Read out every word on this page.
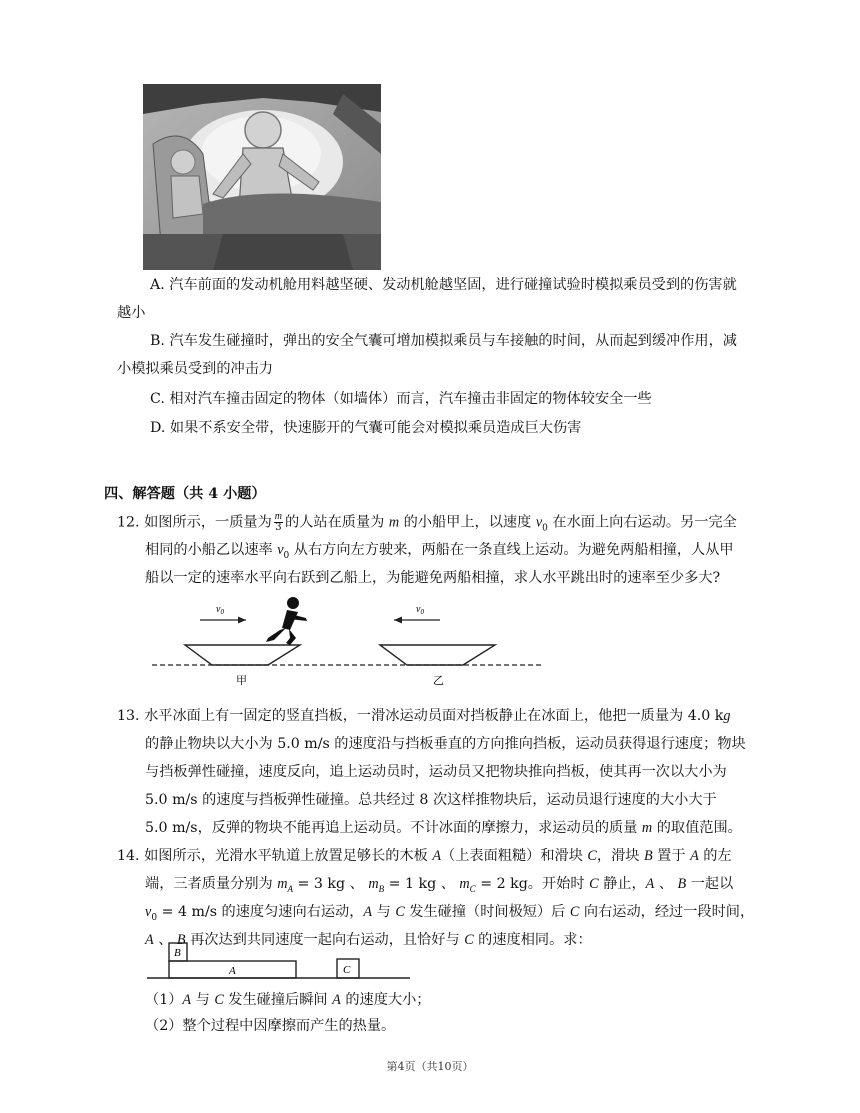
A. 汽车前面的发动机舱用料越坚硬、发动机舱越坚固，进行碰撞试验时模拟乘员受到的伤害就
越小
B. 汽车发生碰撞时，弹出的安全气囊可增加模拟乘员与车接触的时间，从而起到缓冲作用，减
小模拟乘员受到的冲击力
C. 相对汽车撞击固定的物体（如墙体）而言，汽车撞击非固定的物体较安全一些
D. 如果不系安全带，快速膨开的气囊可能会对模拟乘员造成巨大伤害
四、解答题（共 4 小题）
12. 如图所示，一质量为 $\frac{m}{3}$ 的人站在质量为 m 的小船甲上，以速度 $v_0$ 在水面上向右运动。另一完全
相同的小船乙以速率 $v_0$ 从右方向左方驶来，两船在一条直线上运动。为避免两船相撞，人从甲
船以一定的速率水平向右跃到乙船上，为能避免两船相撞，求人水平跳出时的速率至少多大?
$v_0$	$v_0$
甲	乙
13. 水平冰面上有一固定的竖直挡板，一滑冰运动员面对挡板静止在冰面上，他把一质量为 4.0 kg
的静止物块以大小为 5.0 m/s 的速度沿与挡板垂直的方向推向挡板，运动员获得退行速度；物块
与挡板弹性碰撞，速度反向，追上运动员时，运动员又把物块推向挡板，使其再一次以大小为
5.0 m/s 的速度与挡板弹性碰撞。总共经过 8 次这样推物块后，运动员退行速度的大小大于
5.0 m/s，反弹的物块不能再追上运动员。不计冰面的摩擦力，求运动员的质量 m 的取值范围。
14. 如图所示，光滑水平轨道上放置足够长的木板 A（上表面粗糙）和滑块 C，滑块 B 置于 A 的左
端，三者质量分别为 $m_A = 3$ kg 、 $m_B = 1$ kg 、 $m_C = 2$ kg。开始时 C 静止，A 、 B 一起以
$v_0 = 4$ m/s 的速度匀速向右运动，A 与 C 发生碰撞（时间极短）后 C 向右运动，经过一段时间，
A 、 B 再次达到共同速度一起向右运动，且恰好与 C 的速度相同。求：
A
B
C
（1）A 与 C 发生碰撞后瞬间 A 的速度大小；
（2）整个过程中因摩擦而产生的热量。
第4页（共10页）
